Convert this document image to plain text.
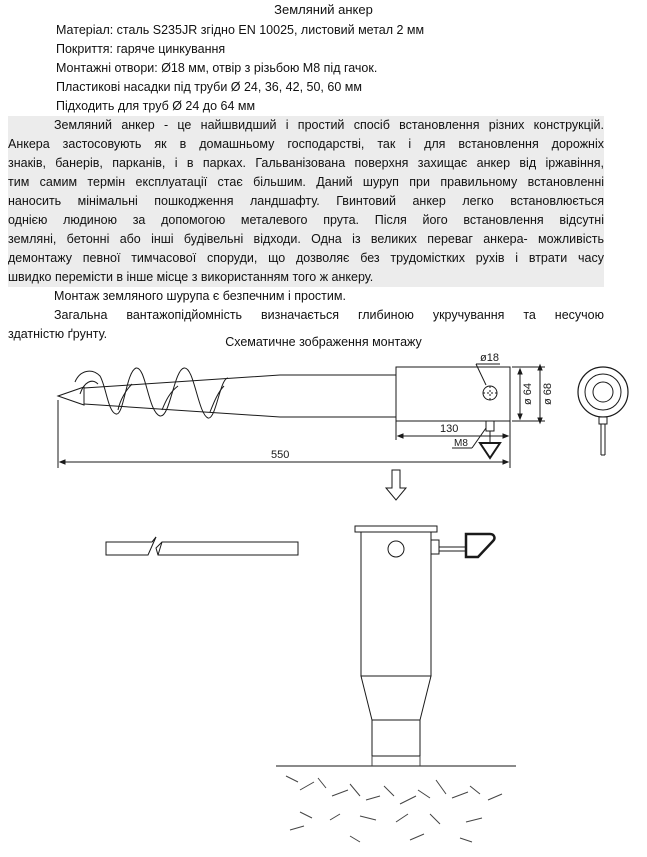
Земляний анкер
Матеріал: сталь S235JR згідно EN 10025, листовий метал 2 мм
Покриття: гаряче цинкування
Монтажні отвори: Ø18 мм, отвір з різьбою М8 під гачок.
Пластикові насадки під труби Ø 24, 36, 42, 50, 60 мм
Підходить для труб Ø 24 до 64 мм
Земляний анкер - це найшвидший і простий спосіб встановлення різних конструкцій.
Анкера застосовують як в домашньому господарстві, так і для встановлення дорожніх
знаків, банерів, парканів, і в парках. Гальванізована поверхня захищає анкер від іржавіння,
тим самим термін експлуатації стає більшим. Даний шуруп при правильному встановленні
наносить мінімальні пошкодження ландшафту. Гвинтовий анкер легко встановлюється
однією людиною за допомогою металевого прута. Після його встановлення відсутні
земляні, бетонні або інші будівельні відходи. Одна із великих переваг анкера- можливість
демонтажу певної тимчасової споруди, що дозволяє без трудомістких рухів і втрати часу
швидко перемісти в інше місце з використанням того ж анкеру.
Монтаж земляного шурупа є безпечним і простим.
Загальна вантажопідйомність визначається глибиною укручування та несучою
здатністю ґрунту.
Схематичне зображення монтажу
ø18
ø 64 ø 68
130
M8
550
